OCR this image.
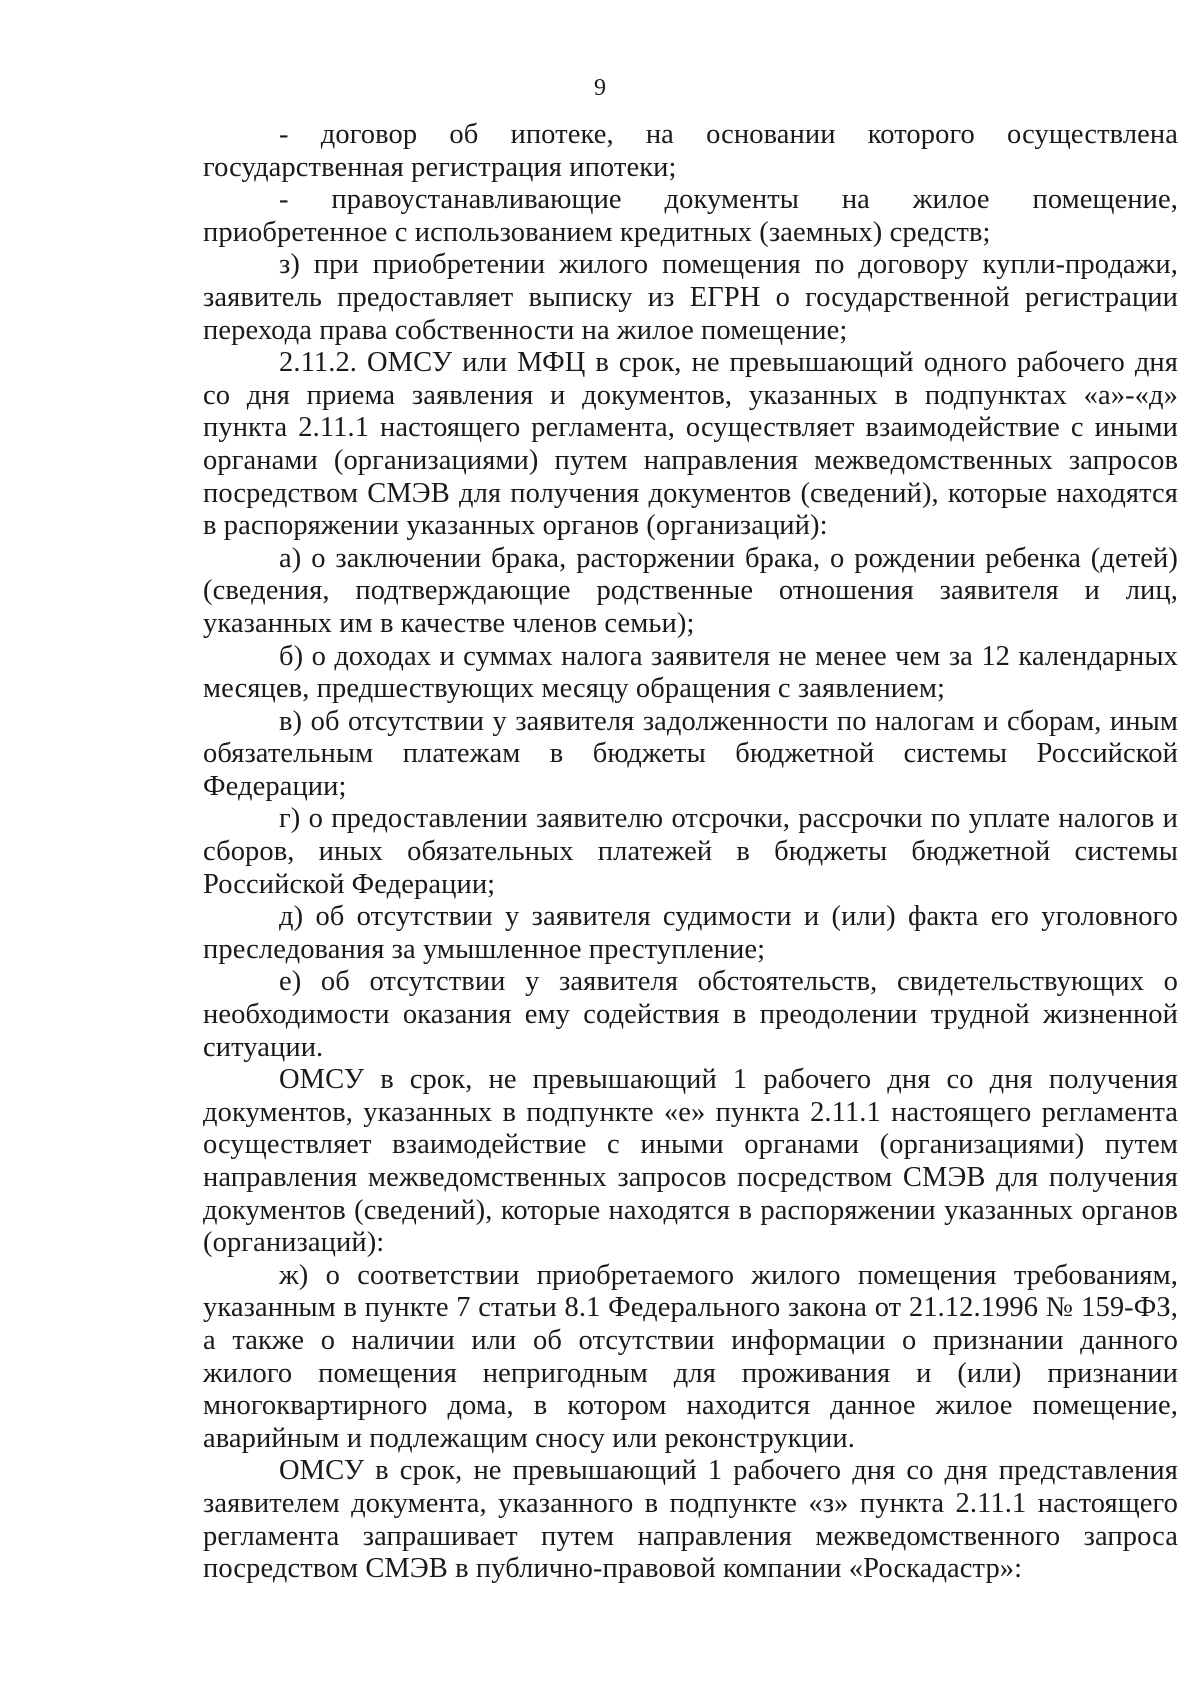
9

- договор об ипотеке, на основании которого осуществлена государственная регистрация ипотеки;

- правоустанавливающие документы на жилое помещение, приобретенное с использованием кредитных (заемных) средств;

з) при приобретении жилого помещения по договору купли-продажи, заявитель предоставляет выписку из ЕГРН о государственной регистрации перехода права собственности на жилое помещение;

2.11.2. ОМСУ или МФЦ в срок, не превышающий одного рабочего дня со дня приема заявления и документов, указанных в подпунктах «а»-«д» пункта 2.11.1 настоящего регламента, осуществляет взаимодействие с иными органами (организациями) путем направления межведомственных запросов посредством СМЭВ для получения документов (сведений), которые находятся в распоряжении указанных органов (организаций):

а) о заключении брака, расторжении брака, о рождении ребенка (детей) (сведения, подтверждающие родственные отношения заявителя и лиц, указанных им в качестве членов семьи);

б) о доходах и суммах налога заявителя не менее чем за 12 календарных месяцев, предшествующих месяцу обращения с заявлением;

в) об отсутствии у заявителя задолженности по налогам и сборам, иным обязательным платежам в бюджеты бюджетной системы Российской Федерации;

г) о предоставлении заявителю отсрочки, рассрочки по уплате налогов и сборов, иных обязательных платежей в бюджеты бюджетной системы Российской Федерации;

д) об отсутствии у заявителя судимости и (или) факта его уголовного преследования за умышленное преступление;

е) об отсутствии у заявителя обстоятельств, свидетельствующих о необходимости оказания ему содействия в преодолении трудной жизненной ситуации.

ОМСУ в срок, не превышающий 1 рабочего дня со дня получения документов, указанных в подпункте «е» пункта 2.11.1 настоящего регламента осуществляет взаимодействие с иными органами (организациями) путем направления межведомственных запросов посредством СМЭВ для получения документов (сведений), которые находятся в распоряжении указанных органов (организаций):

ж) о соответствии приобретаемого жилого помещения требованиям, указанным в пункте 7 статьи 8.1 Федерального закона от 21.12.1996 № 159-ФЗ, а также о наличии или об отсутствии информации о признании данного жилого помещения непригодным для проживания и (или) признании многоквартирного дома, в котором находится данное жилое помещение, аварийным и подлежащим сносу или реконструкции.

ОМСУ в срок, не превышающий 1 рабочего дня со дня представления заявителем документа, указанного в подпункте «з» пункта 2.11.1 настоящего регламента запрашивает путем направления межведомственного запроса посредством СМЭВ в публично-правовой компании «Роскадастр»:
